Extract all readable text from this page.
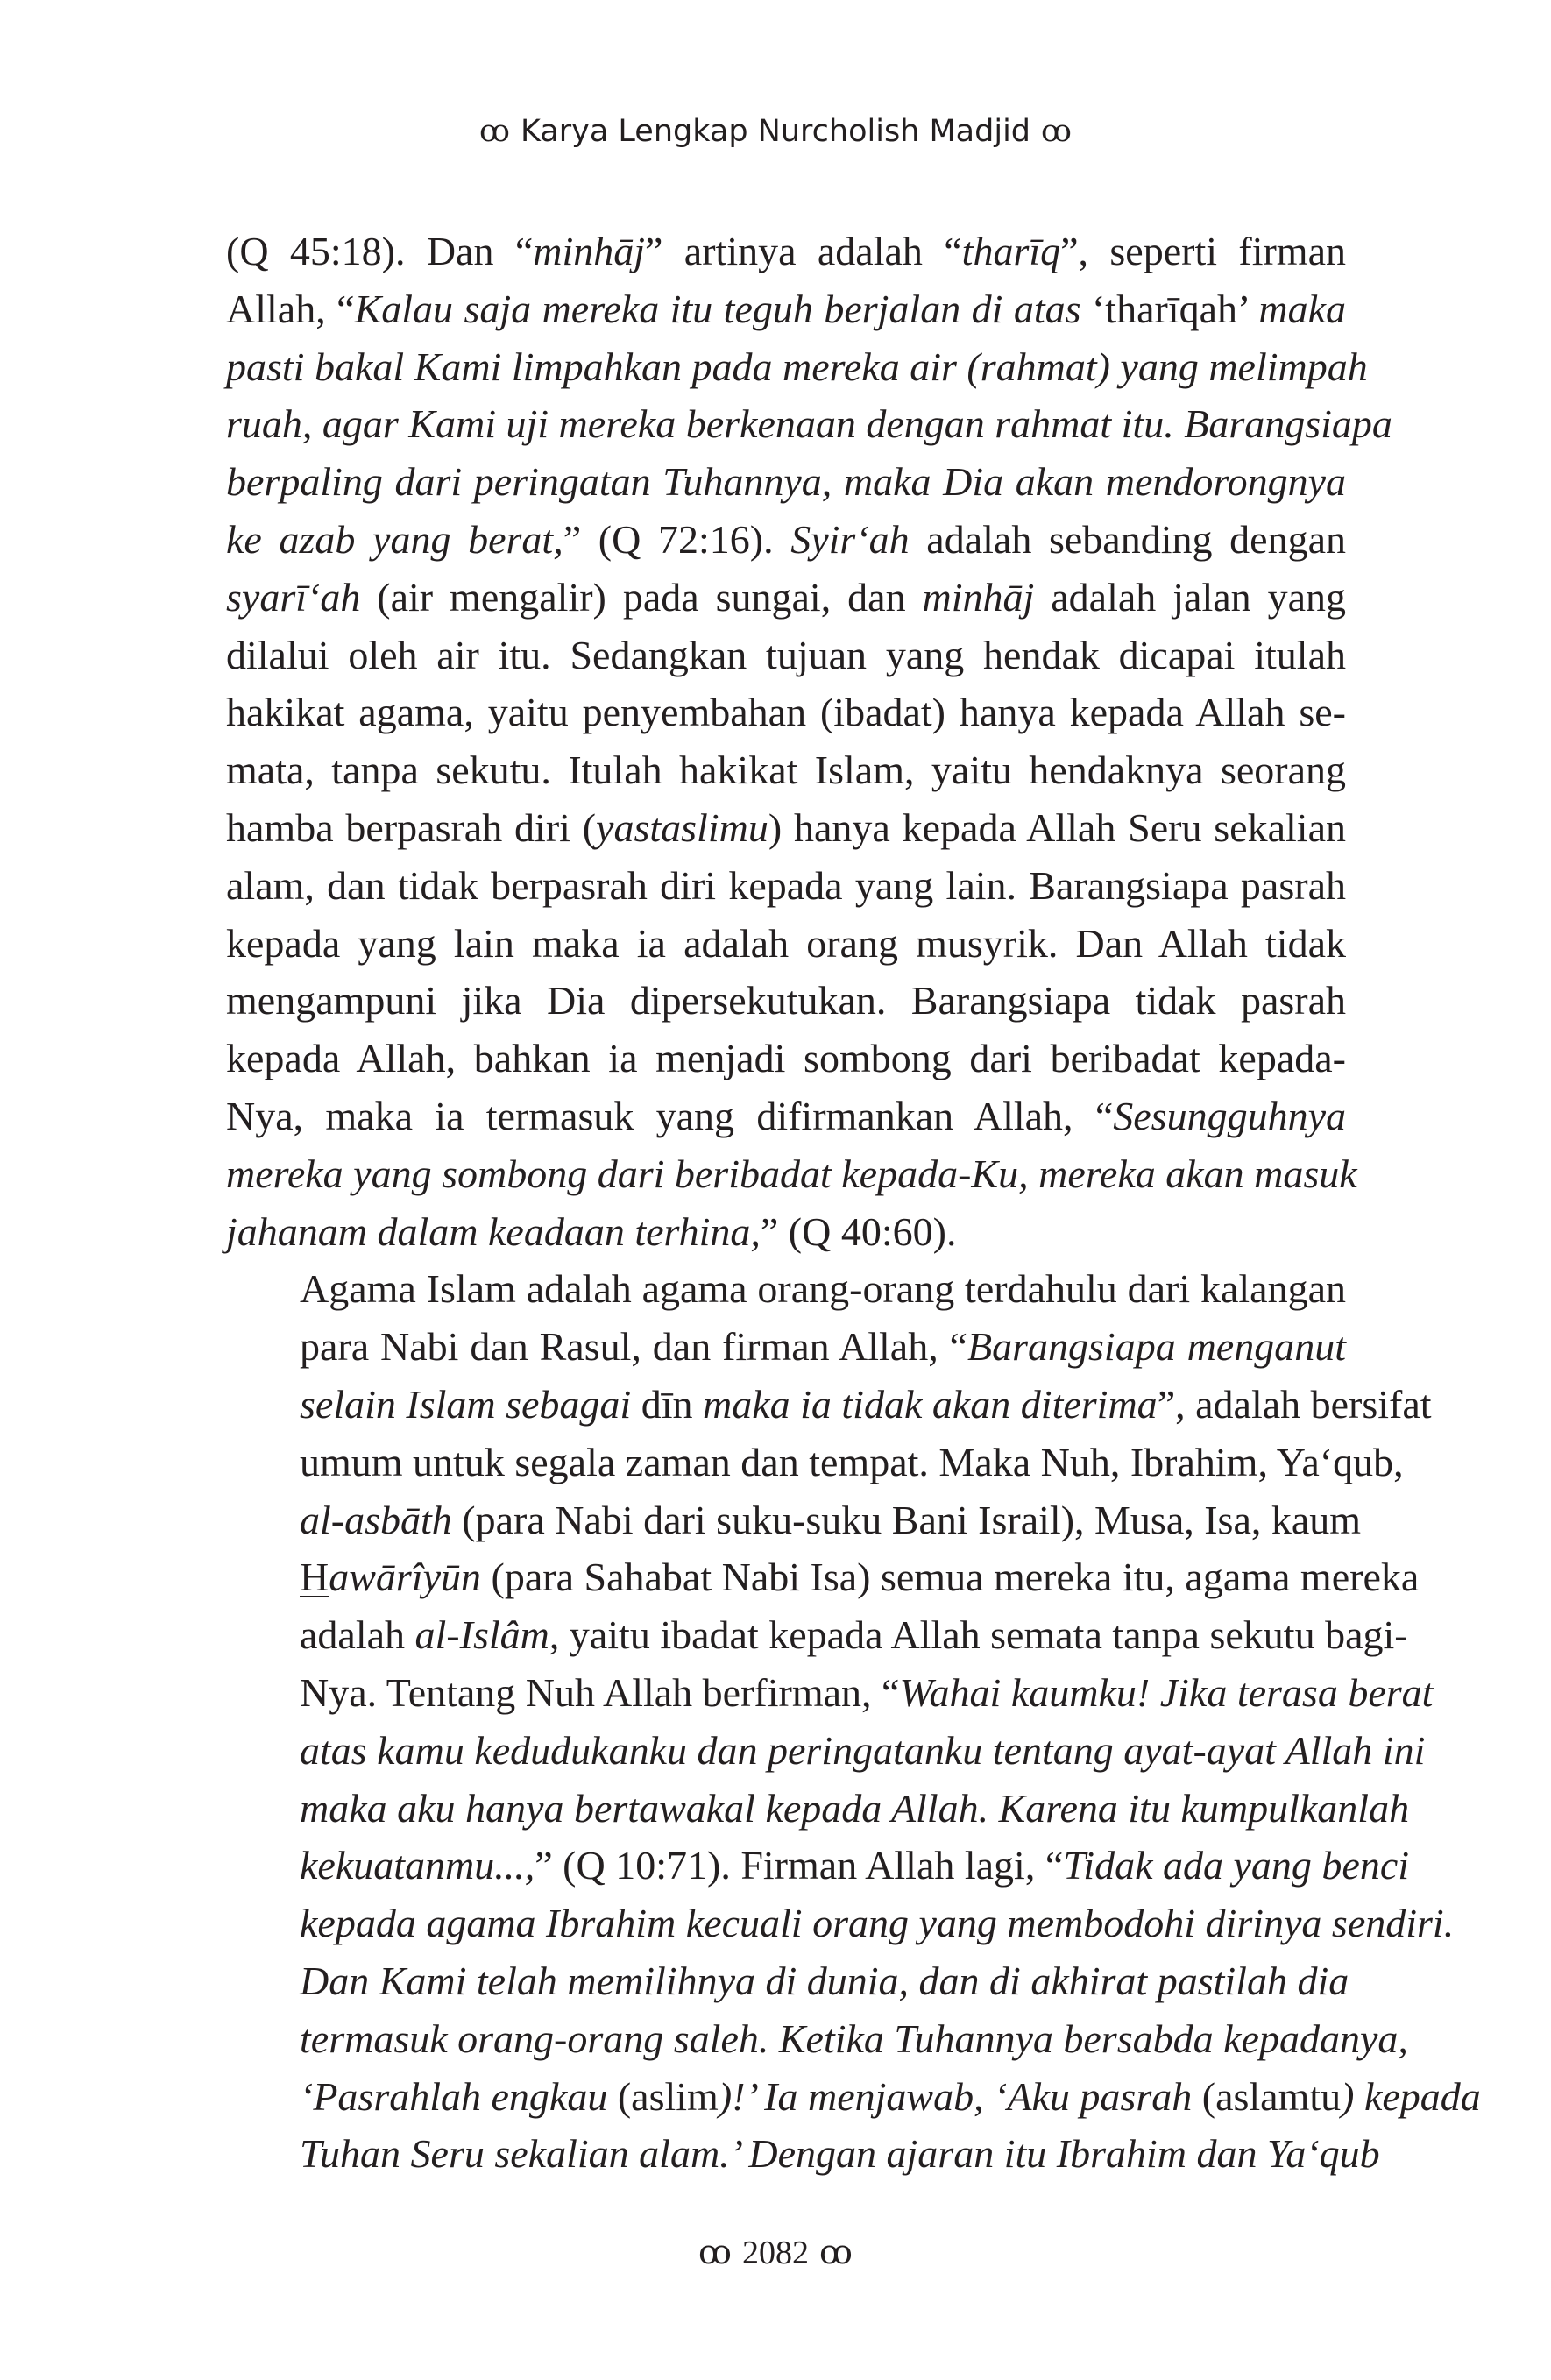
ꝏ Karya Lengkap Nurcholish Madjid ꝏ

(Q 45:18). Dan “minhāj” artinya adalah “tharīq”, seperti firman
Allah, “Kalau saja mereka itu teguh berjalan di atas ‘tharīqah’ maka
pasti bakal Kami limpahkan pada mereka air (rahmat) yang melimpah
ruah, agar Kami uji mereka berkenaan dengan rahmat itu. Barangsiapa
berpaling dari peringatan Tuhannya, maka Dia akan mendorongnya
ke azab yang berat,” (Q 72:16). Syir‘ah adalah sebanding dengan
syarī‘ah (air mengalir) pada sungai, dan minhāj adalah jalan yang
dilalui oleh air itu. Sedangkan tujuan yang hendak dicapai itulah
hakikat agama, yaitu penyembahan (ibadat) hanya kepada Allah se-
mata, tanpa sekutu. Itulah hakikat Islam, yaitu hendaknya seorang
hamba berpasrah diri (yastaslimu) hanya kepada Allah Seru sekalian
alam, dan tidak berpasrah diri kepada yang lain. Barangsiapa pasrah
kepada yang lain maka ia adalah orang musyrik. Dan Allah tidak
mengampuni jika Dia dipersekutukan. Barangsiapa tidak pasrah
kepada Allah, bahkan ia menjadi sombong dari beribadat kepada-
Nya, maka ia termasuk yang difirmankan Allah, “Sesungguhnya
mereka yang sombong dari beribadat kepada-Ku, mereka akan masuk
jahanam dalam keadaan terhina,” (Q 40:60).

Agama Islam adalah agama orang-orang terdahulu dari kalangan
para Nabi dan Rasul, dan firman Allah, “Barangsiapa menganut
selain Islam sebagai dīn maka ia tidak akan diterima”, adalah bersifat
umum untuk segala zaman dan tempat. Maka Nuh, Ibrahim, Ya‘qub,
al-asbāth (para Nabi dari suku-suku Bani Israil), Musa, Isa, kaum
Hawārîyūn (para Sahabat Nabi Isa) semua mereka itu, agama mereka
adalah al-Islâm, yaitu ibadat kepada Allah semata tanpa sekutu bagi-
Nya. Tentang Nuh Allah berfirman, “Wahai kaumku! Jika terasa berat
atas kamu kedudukanku dan peringatanku tentang ayat-ayat Allah ini
maka aku hanya bertawakal kepada Allah. Karena itu kumpulkanlah
kekuatanmu...,” (Q 10:71). Firman Allah lagi, “Tidak ada yang benci
kepada agama Ibrahim kecuali orang yang membodohi dirinya sendiri.
Dan Kami telah memilihnya di dunia, dan di akhirat pastilah dia
termasuk orang-orang saleh. Ketika Tuhannya bersabda kepadanya,
‘Pasrahlah engkau (aslim)!’ Ia menjawab, ‘Aku pasrah (aslamtu) kepada
Tuhan Seru sekalian alam.’ Dengan ajaran itu Ibrahim dan Ya‘qub

ꝏ 2082 ꝏ
